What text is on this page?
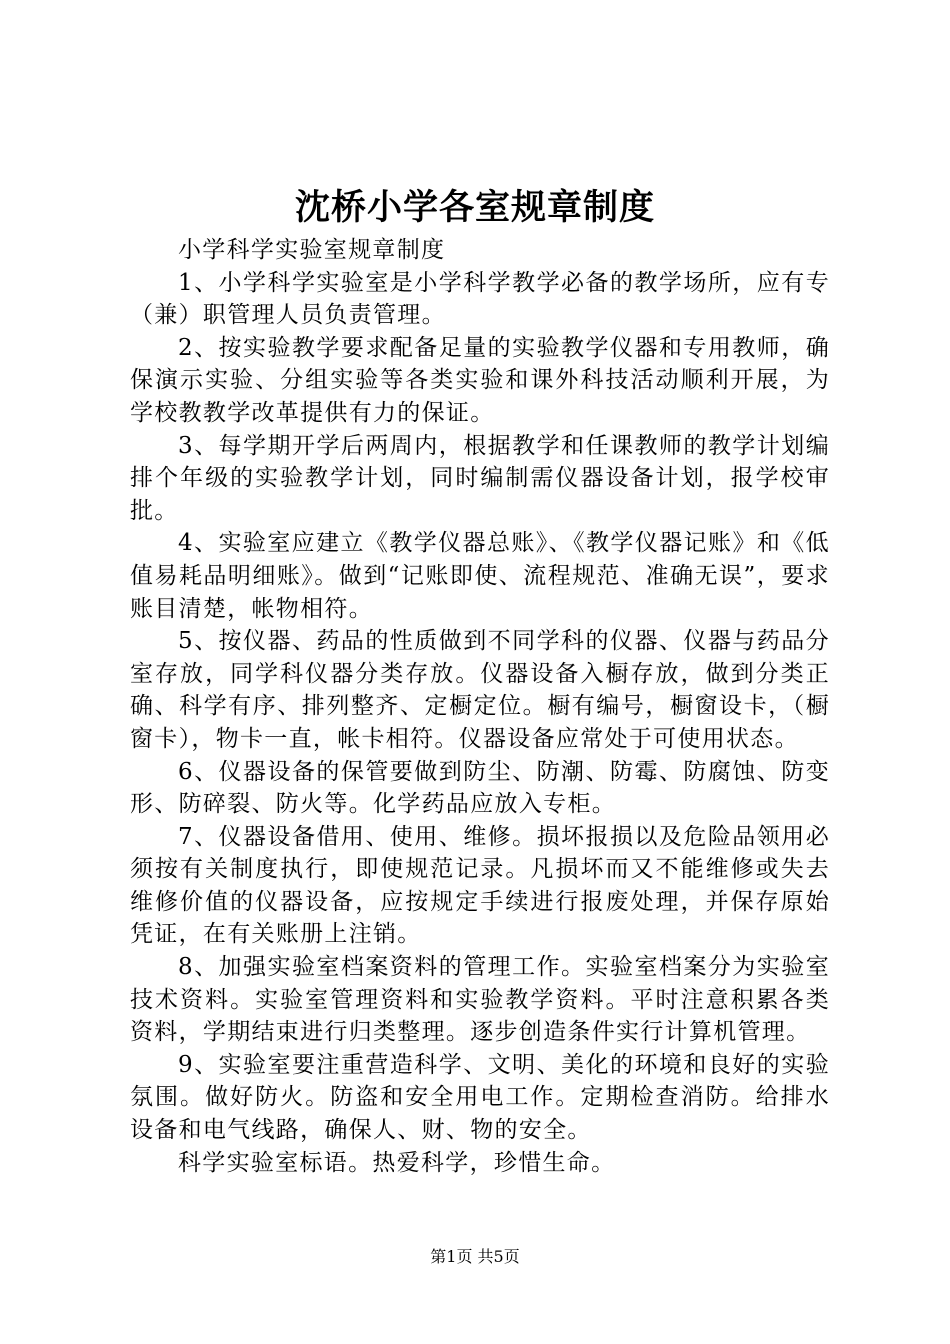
沈桥小学各室规章制度

小学科学实验室规章制度

1、小学科学实验室是小学科学教学必备的教学场所，应有专（兼）职管理人员负责管理。

2、按实验教学要求配备足量的实验教学仪器和专用教师，确保演示实验、分组实验等各类实验和课外科技活动顺利开展，为学校教教学改革提供有力的保证。

3、每学期开学后两周内，根据教学和任课教师的教学计划编排个年级的实验教学计划，同时编制需仪器设备计划，报学校审批。

4、实验室应建立《教学仪器总账》、《教学仪器记账》和《低值易耗品明细账》。做到“记账即使、流程规范、准确无误”，要求账目清楚，帐物相符。

5、按仪器、药品的性质做到不同学科的仪器、仪器与药品分室存放，同学科仪器分类存放。仪器设备入橱存放，做到分类正确、科学有序、排列整齐、定橱定位。橱有编号，橱窗设卡，（橱窗卡），物卡一直，帐卡相符。仪器设备应常处于可使用状态。

6、仪器设备的保管要做到防尘、防潮、防霉、防腐蚀、防变形、防碎裂、防火等。化学药品应放入专柜。

7、仪器设备借用、使用、维修。损坏报损以及危险品领用必须按有关制度执行，即使规范记录。凡损坏而又不能维修或失去维修价值的仪器设备，应按规定手续进行报废处理，并保存原始凭证，在有关账册上注销。

8、加强实验室档案资料的管理工作。实验室档案分为实验室技术资料。实验室管理资料和实验教学资料。平时注意积累各类资料，学期结束进行归类整理。逐步创造条件实行计算机管理。

9、实验室要注重营造科学、文明、美化的环境和良好的实验氛围。做好防火。防盗和安全用电工作。定期检查消防。给排水设备和电气线路，确保人、财、物的安全。

科学实验室标语。热爱科学，珍惜生命。

第1页 共5页
